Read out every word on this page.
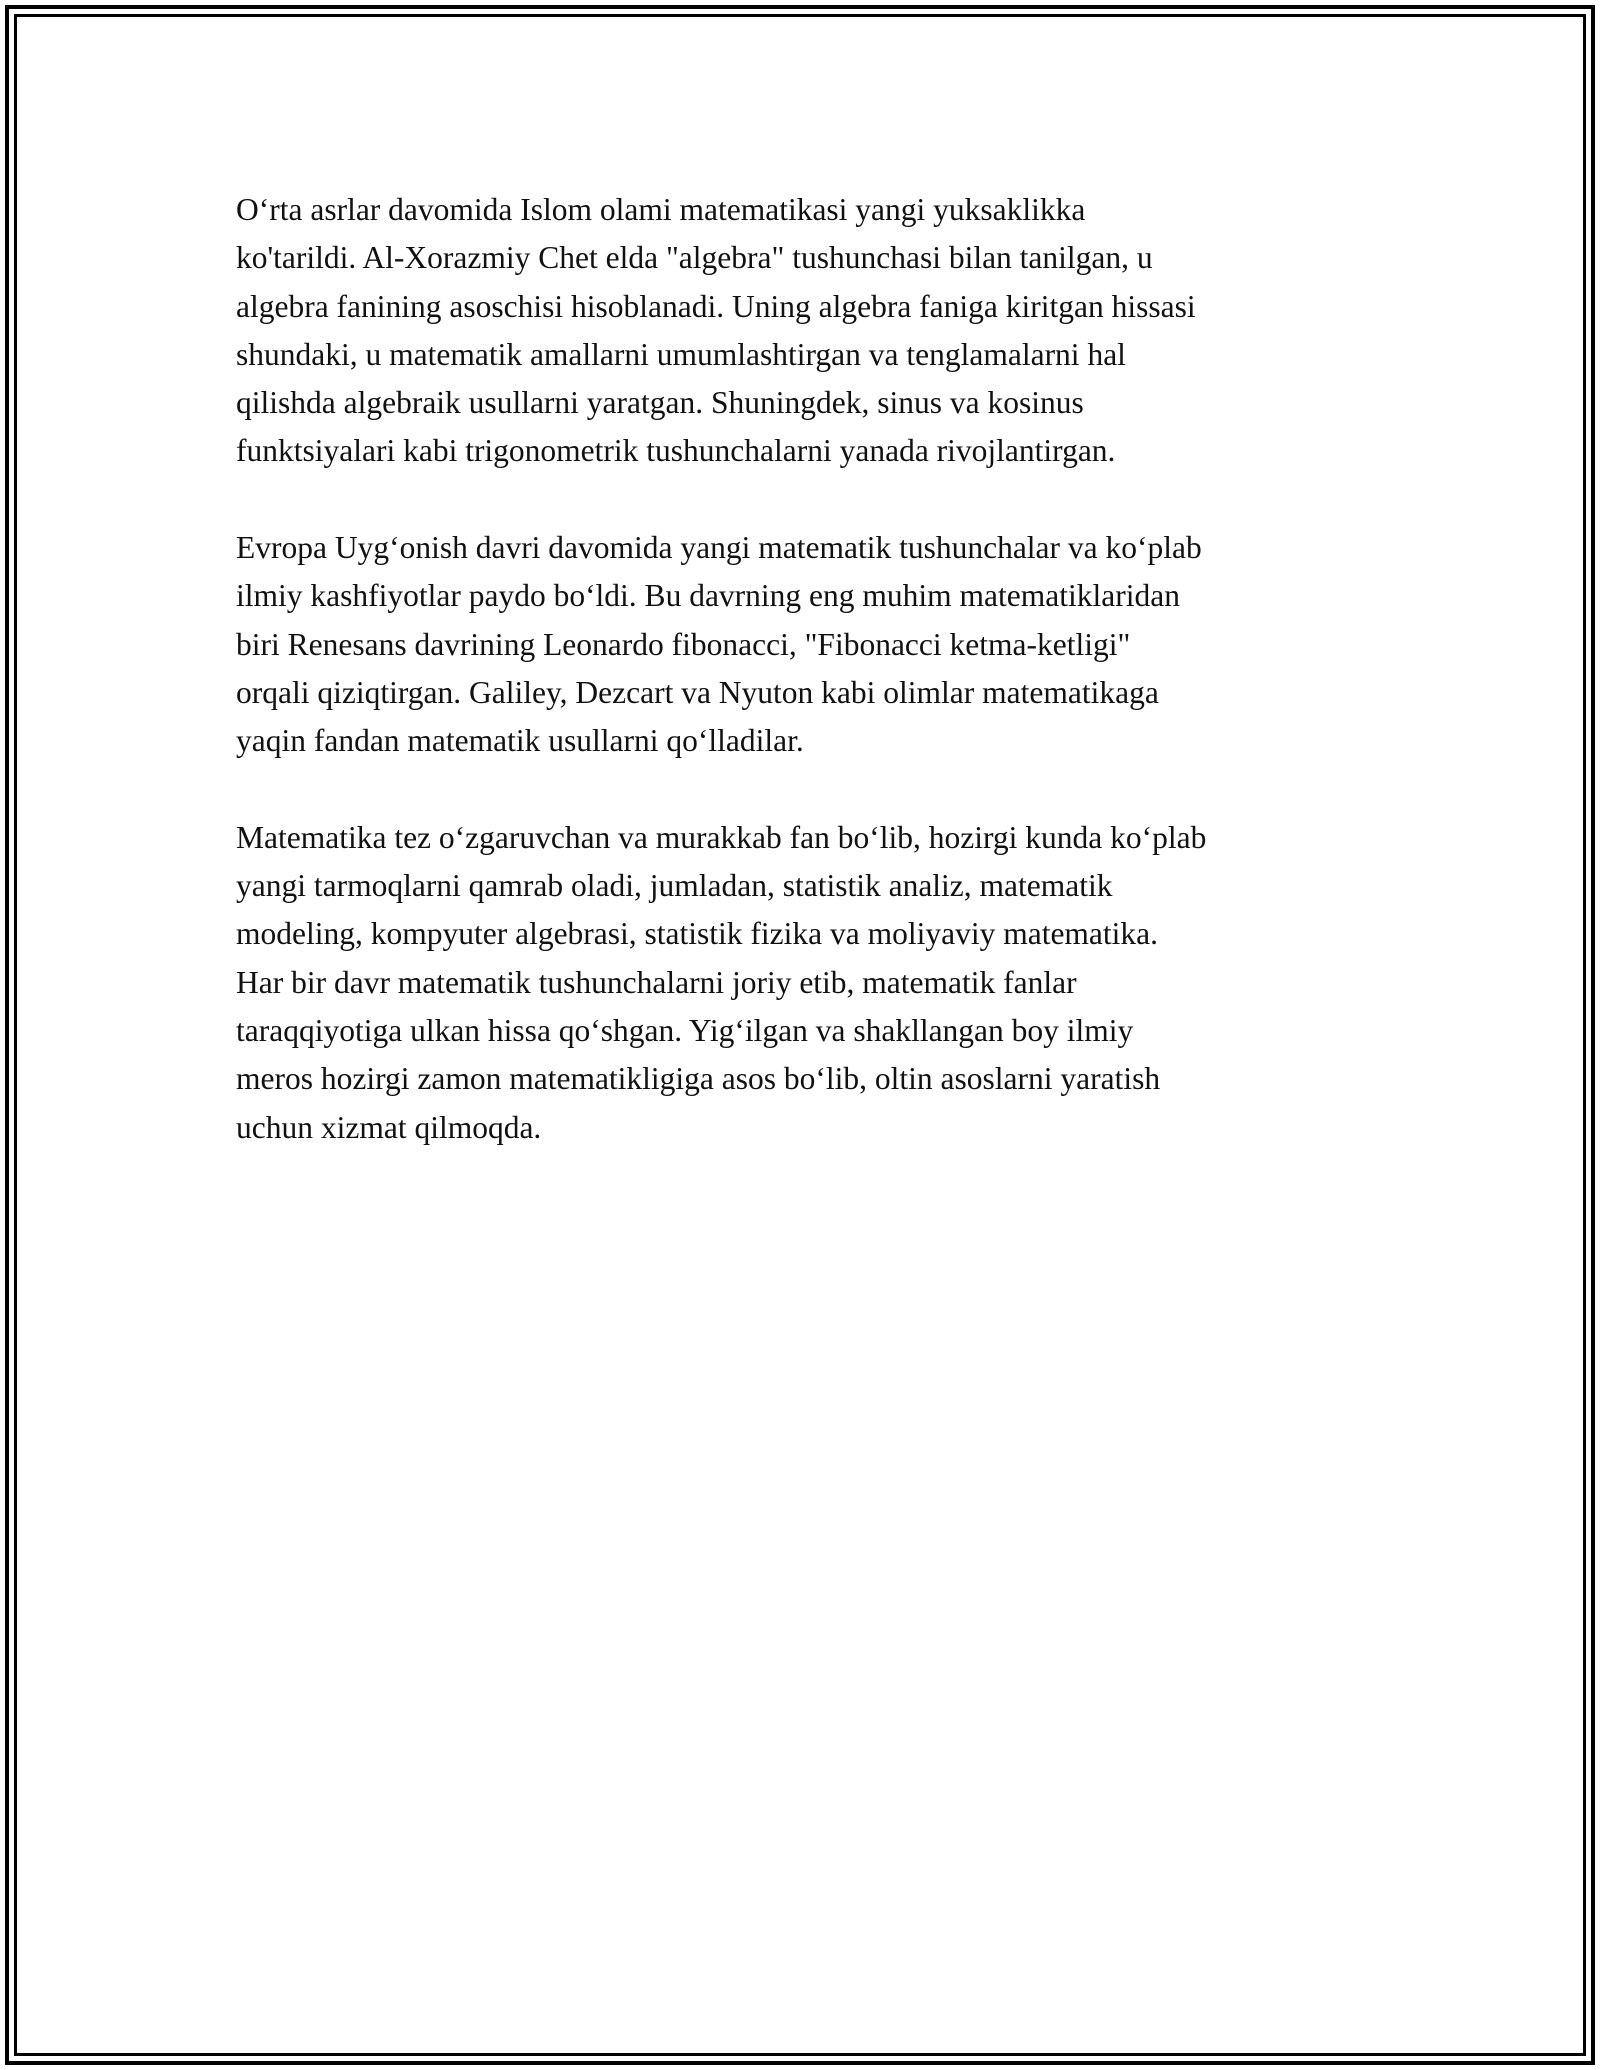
O‘rta asrlar davomida Islom olami matematikasi yangi yuksaklikka
ko'tarildi. Al-Xorazmiy Chet elda "algebra" tushunchasi bilan tanilgan, u
algebra fanining asoschisi hisoblanadi. Uning algebra faniga kiritgan hissasi
shundaki, u matematik amallarni umumlashtirgan va tenglamalarni hal
qilishda algebraik usullarni yaratgan. Shuningdek, sinus va kosinus
funktsiyalari kabi trigonometrik tushunchalarni yanada rivojlantirgan.

Evropa Uyg‘onish davri davomida yangi matematik tushunchalar va ko‘plab
ilmiy kashfiyotlar paydo bo‘ldi. Bu davrning eng muhim matematiklaridan
biri Renesans davrining Leonardo fibonacci, "Fibonacci ketma-ketligi"
orqali qiziqtirgan. Galiley, Dezcart va Nyuton kabi olimlar matematikaga
yaqin fandan matematik usullarni qo‘lladilar.

Matematika tez o‘zgaruvchan va murakkab fan bo‘lib, hozirgi kunda ko‘plab
yangi tarmoqlarni qamrab oladi, jumladan, statistik analiz, matematik
modeling, kompyuter algebrasi, statistik fizika va moliyaviy matematika.
Har bir davr matematik tushunchalarni joriy etib, matematik fanlar
taraqqiyotiga ulkan hissa qo‘shgan. Yig‘ilgan va shakllangan boy ilmiy
meros hozirgi zamon matematikligiga asos bo‘lib, oltin asoslarni yaratish
uchun xizmat qilmoqda.
